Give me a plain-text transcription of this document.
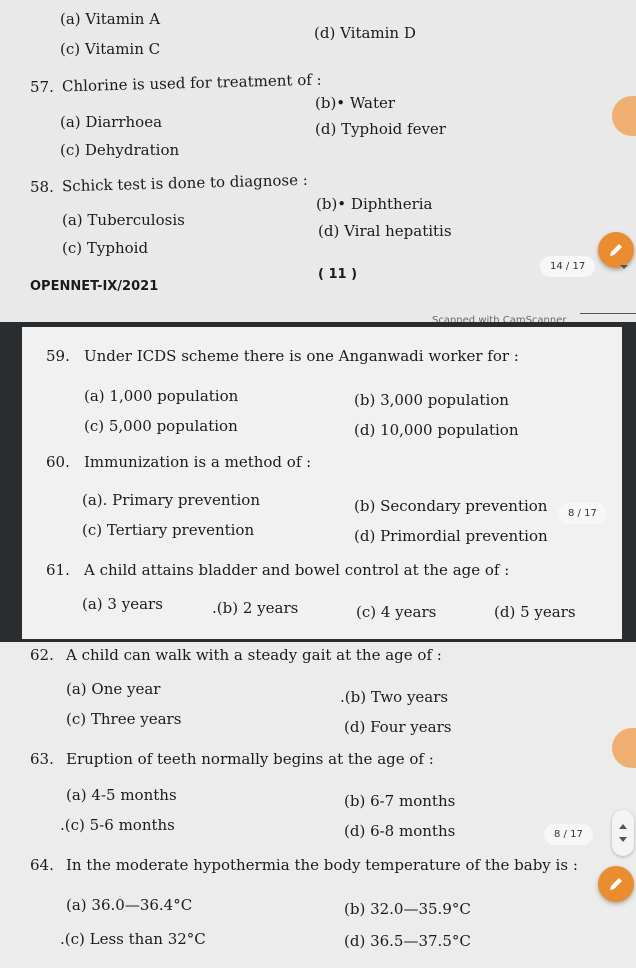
(a) Vitamin A
(c) Vitamin C
(d) Vitamin D
57. Chlorine is used for treatment of :
(a) Diarrhoea
(b)• Water
(c) Dehydration
(d) Typhoid fever
58. Schick test is done to diagnose :
(a) Tuberculosis
(b)• Diphtheria
(c) Typhoid
(d) Viral hepatitis
OPENNET-IX/2021
( 11 )
14 / 17
Scanned with CamScanner
59. Under ICDS scheme there is one Anganwadi worker for :
(a) 1,000 population	(b) 3,000 population
(c) 5,000 population	(d) 10,000 population
60. Immunization is a method of :
(a). Primary prevention	(b) Secondary prevention
(c) Tertiary prevention	(d) Primordial prevention
61. A child attains bladder and bowel control at the age of :
(a) 3 years	.(b) 2 years	(c) 4 years	(d) 5 years
8 / 17
62. A child can walk with a steady gait at the age of :
(a) One year	.(b) Two years
(c) Three years	(d) Four years
63. Eruption of teeth normally begins at the age of :
(a) 4-5 months	(b) 6-7 months
.(c) 5-6 months	(d) 6-8 months
64. In the moderate hypothermia the body temperature of the baby is :
(a) 36.0—36.4°C	(b) 32.0—35.9°C
.(c) Less than 32°C	(d) 36.5—37.5°C
8 / 17
